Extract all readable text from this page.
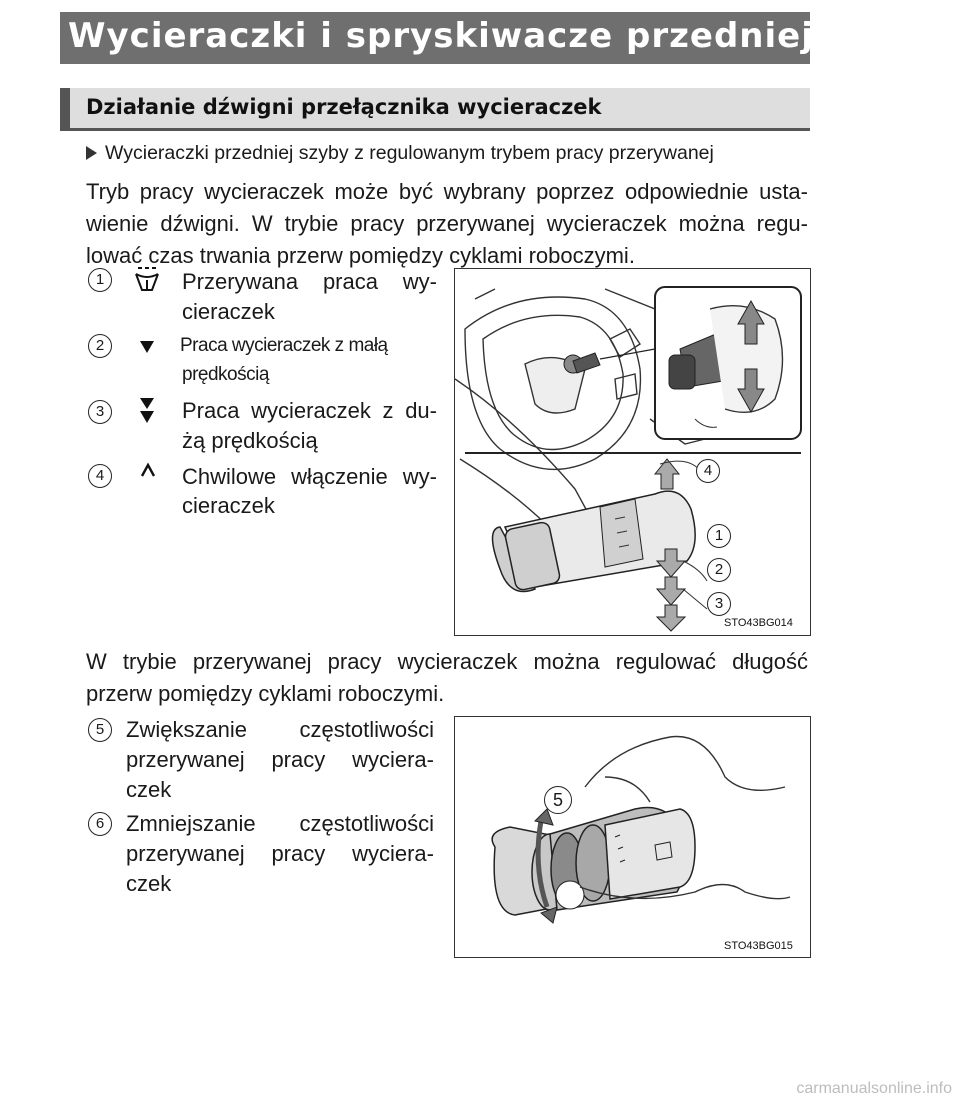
Wycieraczki i spryskiwacze przedniej szyby
Działanie dźwigni przełącznika wycieraczek
Wycieraczki przedniej szyby z regulowanym trybem pracy przerywanej
Tryb pracy wycieraczek może być wybrany poprzez odpowiednie usta- wienie dźwigni. W trybie pracy przerywanej wycieraczek można regu- lować czas trwania przerw pomiędzy cyklami roboczymi.
1	Przerywana praca wy-
cieraczek
2	Praca wycieraczek z małą
prędkością
3	Praca wycieraczek z du-
żą prędkością
4	Chwilowe włączenie wy-
cieraczek
4
1
2
3
STO43BG014
W trybie przerywanej pracy wycieraczek można regulować długość przerw pomiędzy cyklami roboczymi.
5 Zwiększanie częstotliwości
przerywanej pracy wyciera-
czek
6 Zmniejszanie częstotliwości
przerywanej pracy wyciera-
czek
5
STO43BG015
carmanualsonline.info
